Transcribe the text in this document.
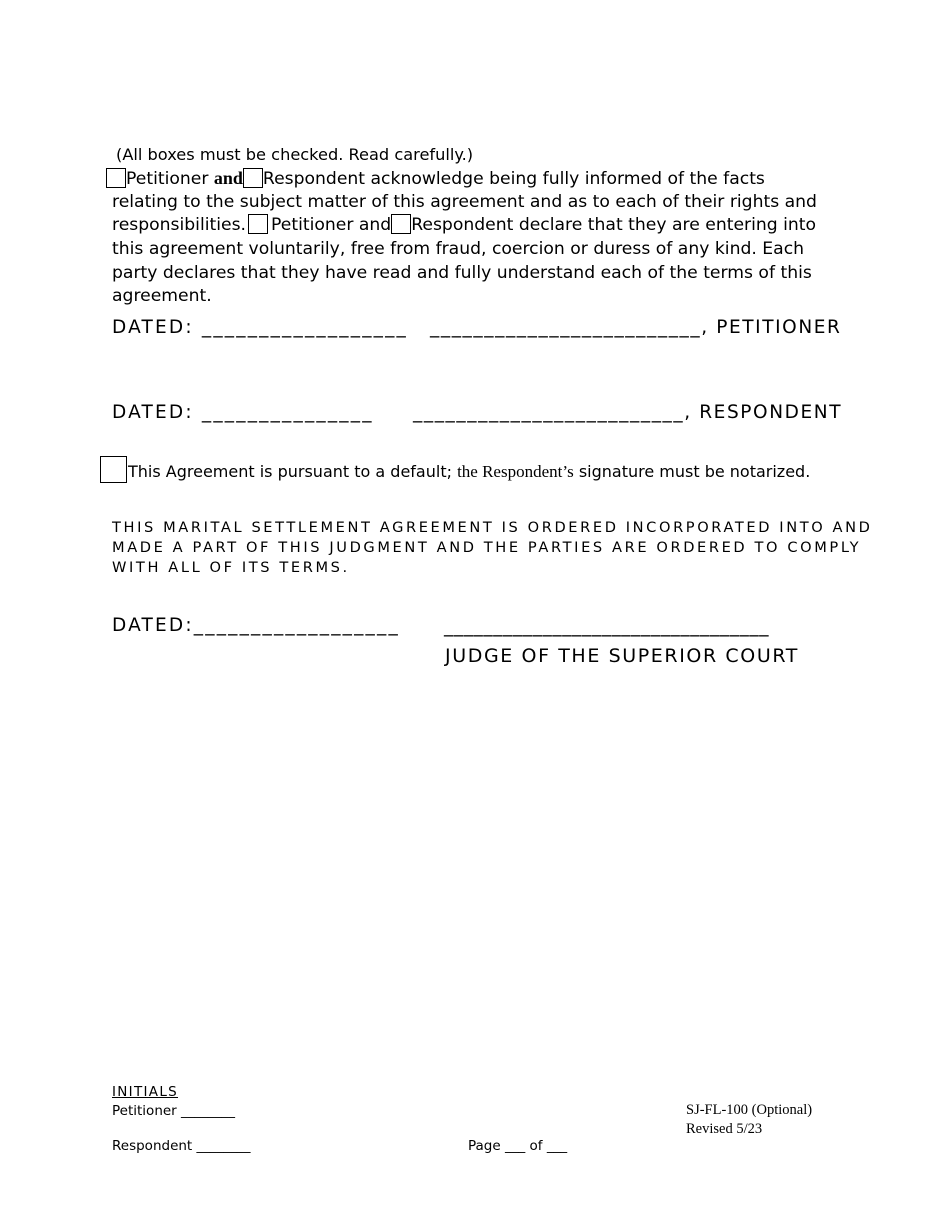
(All boxes must be checked. Read carefully.)
Petitioner and Respondent acknowledge being fully informed of the facts
relating to the subject matter of this agreement and as to each of their rights and
responsibilities. Petitioner and Respondent declare that they are entering into
this agreement voluntarily, free from fraud, coercion or duress of any kind. Each
party declares that they have read and fully understand each of the terms of this
agreement.
DATED: __________________ _________________________, PETITIONER
DATED: _______________ _________________________, RESPONDENT
This Agreement is pursuant to a default; the Respondent’s signature must be notarized.
THIS MARITAL SETTLEMENT AGREEMENT IS ORDERED INCORPORATED INTO AND
MADE A PART OF THIS JUDGMENT AND THE PARTIES ARE ORDERED TO COMPLY
WITH ALL OF ITS TERMS.
DATED:__________________ _________________________________
JUDGE OF THE SUPERIOR COURT
INITIALS
Petitioner ________
Respondent ________	Page ___ of ___
SJ-FL-100 (Optional)
Revised 5/23
